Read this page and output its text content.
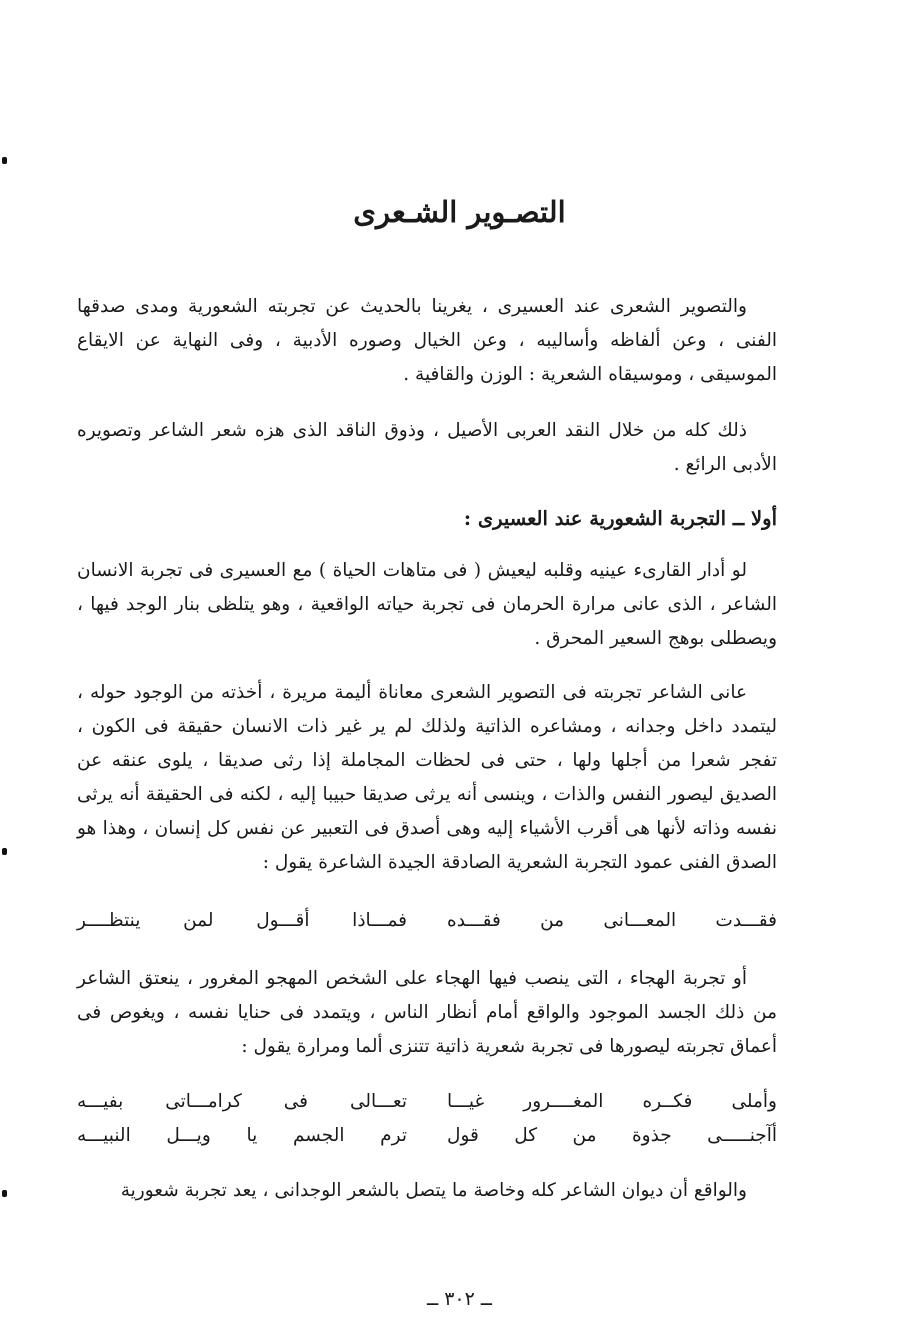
التصـوير الشـعرى

والتصوير الشعرى عند العسيرى ، يغرينا بالحديث عن تجربته الشعورية ومدى صدقها الفنى ، وعن ألفاظه وأساليبه ، وعن الخيال وصوره الأدبية ، وفى النهاية عن الايقاع الموسيقى ، وموسيقاه الشعرية : الوزن والقافية .

ذلك كله من خلال النقد العربى الأصيل ، وذوق الناقد الذى هزه شعر الشاعر وتصويره الأدبى الرائع .

أولا ــ التجربة الشعورية عند العسيرى :

لو أدار القارىء عينيه وقلبه ليعيش ( فى متاهات الحياة ) مع العسيرى فى تجربة الانسان الشاعر ، الذى عانى مرارة الحرمان فى تجربة حياته الواقعية ، وهو يتلظى بنار الوجد فيها ، ويصطلى بوهج السعير المحرق .

عانى الشاعر تجربته فى التصوير الشعرى معاناة أليمة مريرة ، أخذته من الوجود حوله ، ليتمدد داخل وجدانه ، ومشاعره الذاتية ولذلك لم ير غير ذات الانسان حقيقة فى الكون ، تفجر شعرا من أجلها ولها ، حتى فى لحظات المجاملة إذا رثى صديقا ، يلوى عنقه عن الصديق ليصور النفس والذات ، وينسى أنه يرثى صديقا حبيبا إليه ، لكنه فى الحقيقة أنه يرثى نفسه وذاته لأنها هى أقرب الأشياء إليه وهى أصدق فى التعبير عن نفس كل إنسان ، وهذا هو الصدق الفنى عمود التجربة الشعرية الصادقة الجيدة الشاعرة يقول :

فقـــدت المعـــانى من فقـــده
فمـــاذا أقـــول لمن ينتظــــر

أو تجربة الهجاء ، التى ينصب فيها الهجاء على الشخص المهجو المغرور ، ينعتق الشاعر من ذلك الجسد الموجود والواقع أمام أنظار الناس ، ويتمدد فى حنايا نفسه ، ويغوص فى أعماق تجربته ليصورها فى تجربة شعرية ذاتية تتنزى ألما ومرارة يقول :

وأملى فكــره المغــــرور غيـــا
تعـــالى فى كرامـــاتى بفيـــه
أآجنـــــى جذوة من كل قول
ترم الجسم يا ويـــل النبيـــه

والواقع أن ديوان الشاعر كله وخاصة ما يتصل بالشعر الوجدانى ، يعد تجربة شعورية

ــ ٣٠٢ ــ
